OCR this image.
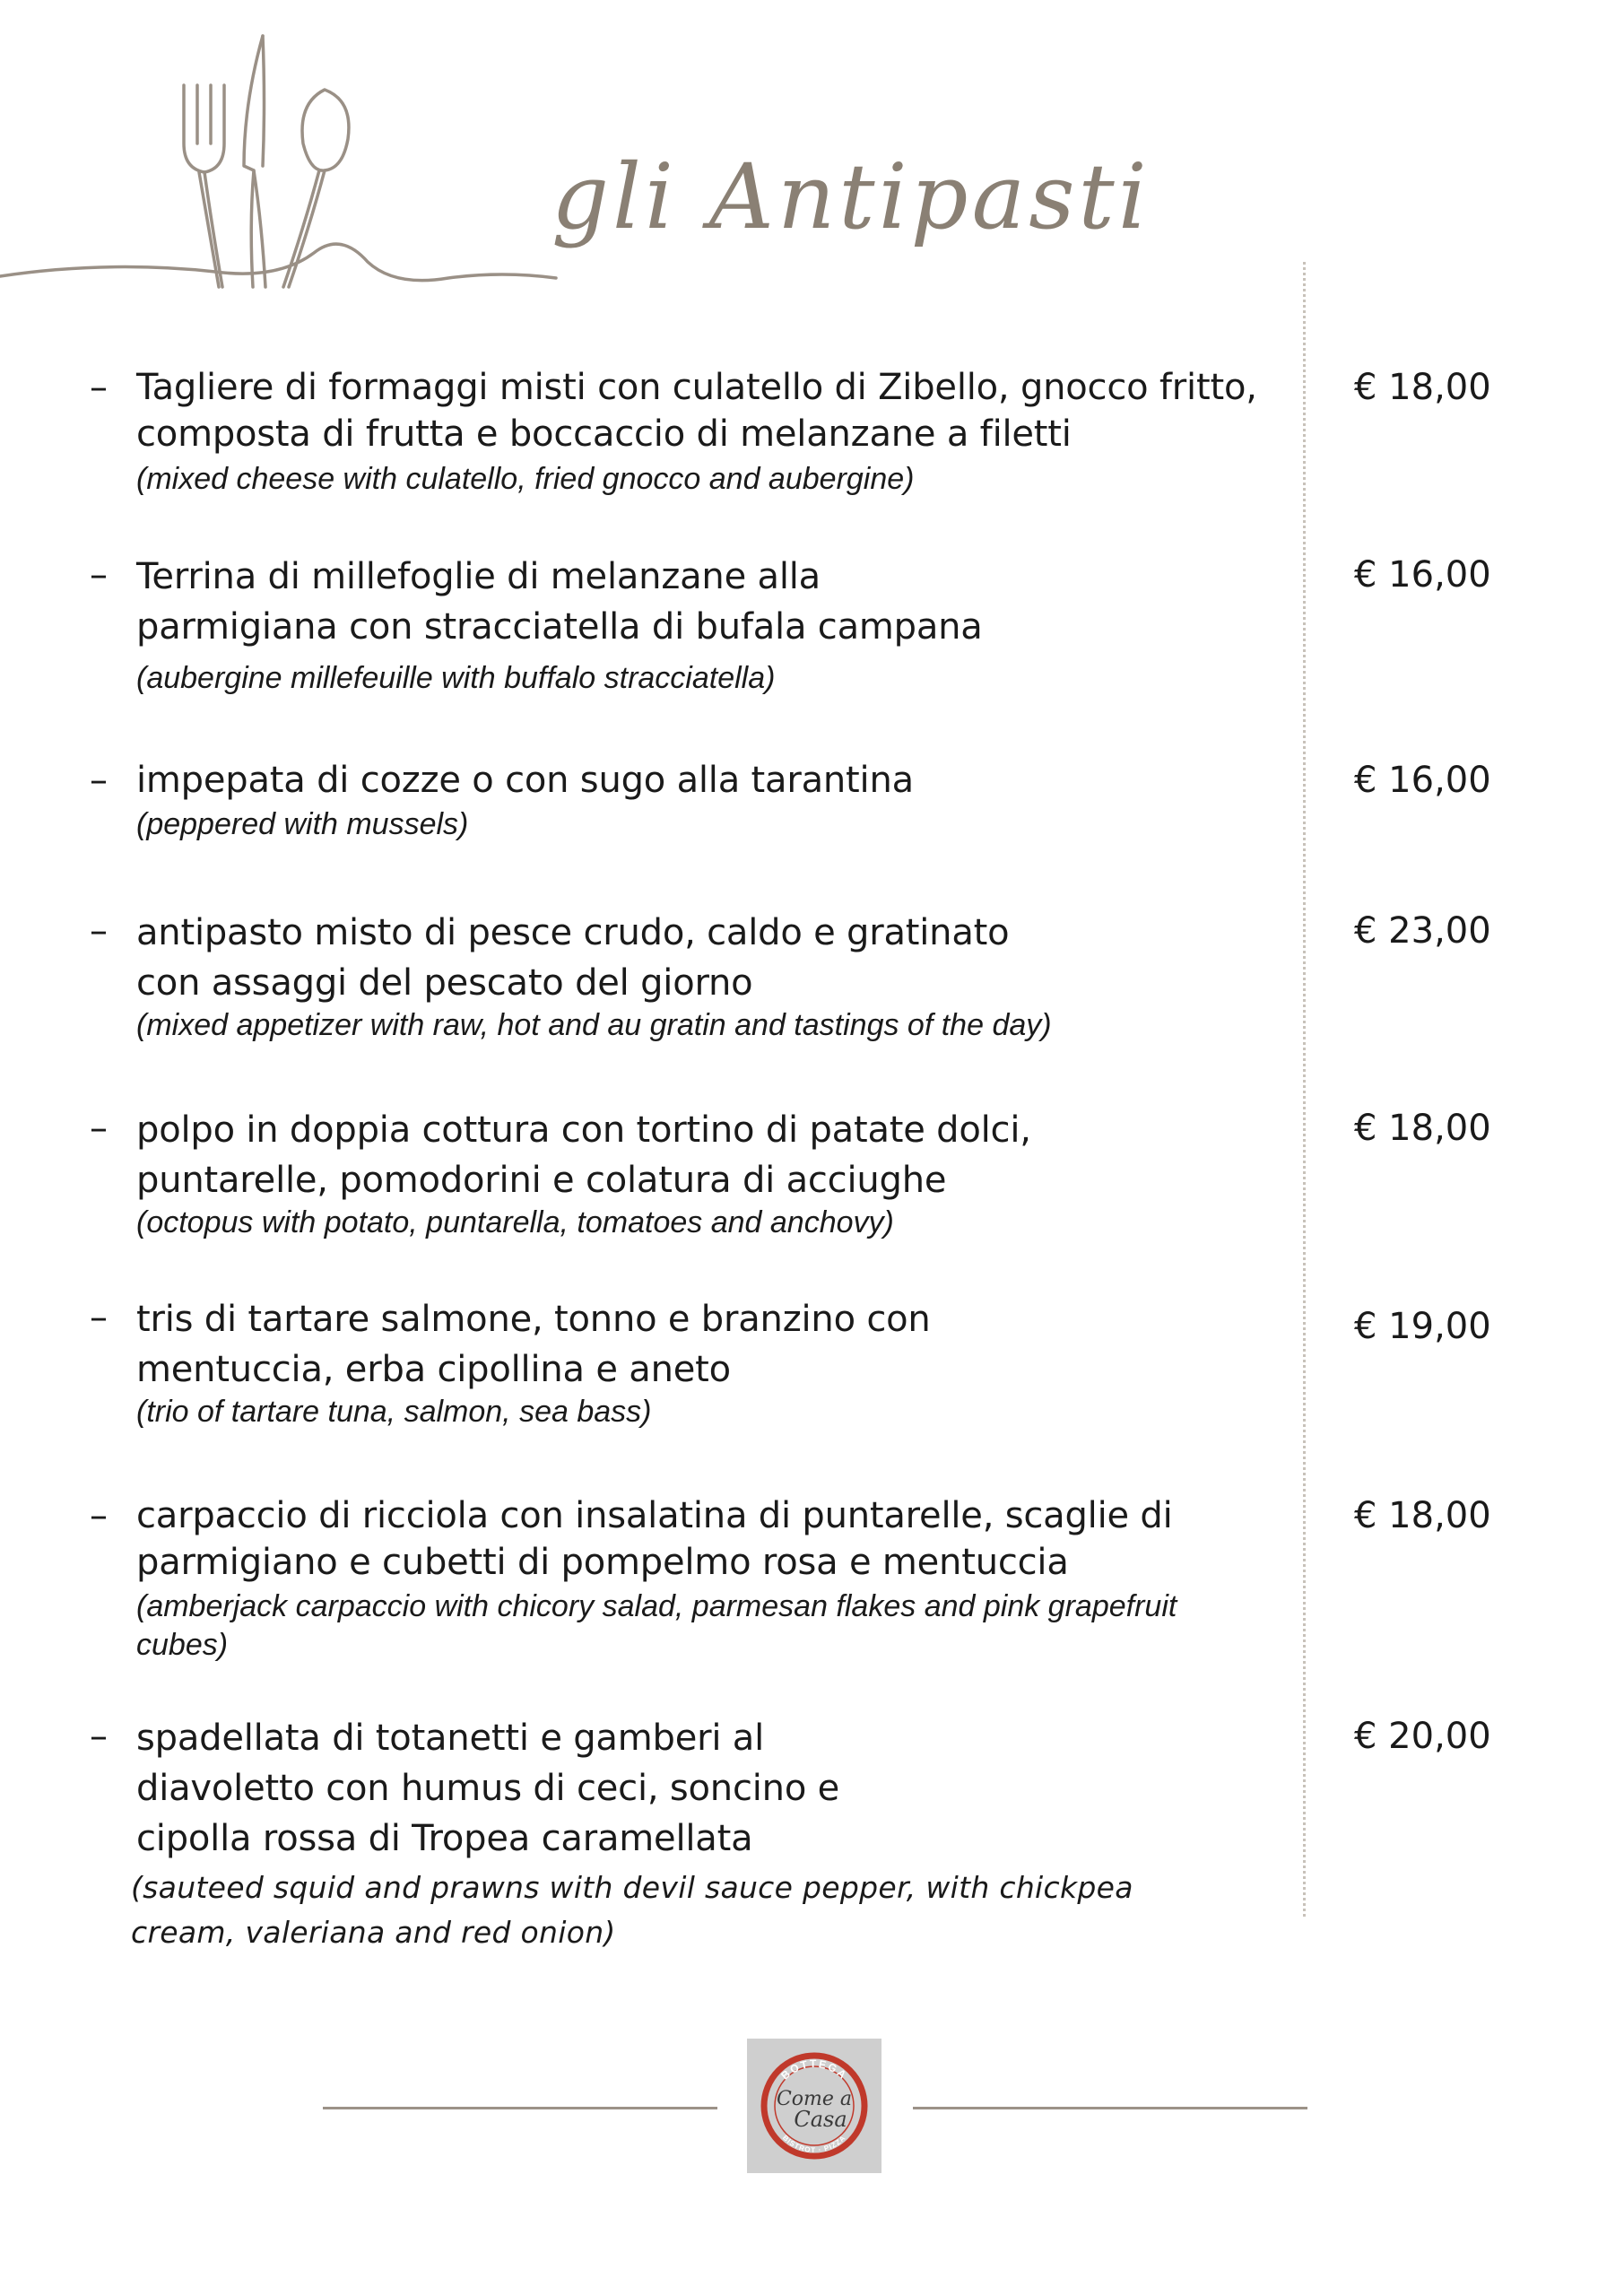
gli Antipasti
– Tagliere di formaggi misti con culatello di Zibello, gnocco fritto,
composta di frutta e boccaccio di melanzane a filetti
(mixed cheese with culatello, fried gnocco and aubergine)
€ 18,00
– Terrina di millefoglie di melanzane alla
parmigiana con stracciatella di bufala campana
(aubergine millefeuille with buffalo stracciatella)
€ 16,00
– impepata di cozze o con sugo alla tarantina
(peppered with mussels)
€ 16,00
– antipasto misto di pesce crudo, caldo e gratinato
con assaggi del pescato del giorno
(mixed appetizer with raw, hot and au gratin and tastings of the day)
€ 23,00
– polpo in doppia cottura con tortino di patate dolci,
puntarelle, pomodorini e colatura di acciughe
(octopus with potato, puntarella, tomatoes and anchovy)
€ 18,00
– tris di tartare salmone, tonno e branzino con
mentuccia, erba cipollina e aneto
(trio of tartare tuna, salmon, sea bass)
€ 19,00
– carpaccio di ricciola con insalatina di puntarelle, scaglie di
parmigiano e cubetti di pompelmo rosa e mentuccia
(amberjack carpaccio with chicory salad, parmesan flakes and pink grapefruit cubes)
€ 18,00
– spadellata di totanetti e gamberi al
diavoletto con humus di ceci, soncino e
cipolla rossa di Tropea caramellata
(sauteed squid and prawns with devil sauce pepper, with chickpea cream, valeriana and red onion)
€ 20,00
BOTTEGA
Come a
Casa
BISTROT · PIZZA
